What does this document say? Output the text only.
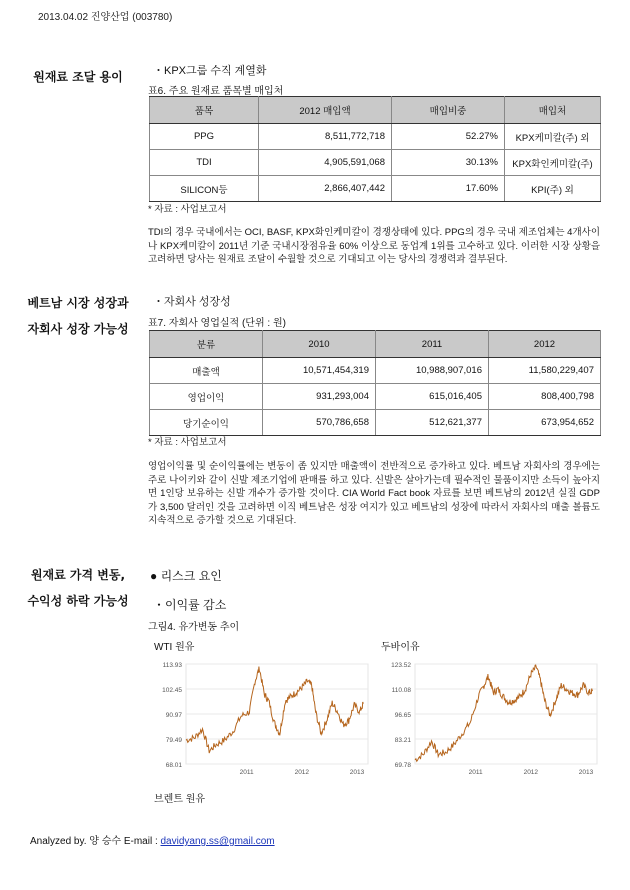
2013.04.02 진양산업 (003780)
원재료 조달 용이
베트남 시장 성장과
자회사 성장 가능성
원재료 가격 변동,
수익성 하락 가능성
・KPX그룹 수직 계열화
표6. 주요 원재료 품목별 매입처
품목	2012 매입액	매입비중	매입처
PPG	8,511,772,718	52.27%	KPX케미칼(주) 외
TDI	4,905,591,068	30.13%	KPX화인케미칼(주)
SILICON등	2,866,407,442	17.60%	KPI(주) 외
* 자료 : 사업보고서
TDI의 경우 국내에서는 OCI, BASF, KPX화인케미칼이 경쟁상태에 있다. PPG의 경우 국내 제조업체는 4개사이나 KPX케미칼이 2011년 기준 국내시장점유율 60% 이상으로 동업계 1위를 고수하고 있다. 이러한 시장 상황을 고려하면 당사는 원재료 조달이 수월할 것으로 기대되고 이는 당사의 경쟁력과 결부된다.
・자회사 성장성
표7. 자회사 영업실적 (단위 : 원)
분류	2010	2011	2012
매출액	10,571,454,319	10,988,907,016	11,580,229,407
영업이익	931,293,004	615,016,405	808,400,798
당기순이익	570,786,658	512,621,377	673,954,652
* 자료 : 사업보고서
영업이익률 및 순이익률에는 변동이 좀 있지만 매출액이 전반적으로 증가하고 있다. 베트남 자회사의 경우에는 주로 나이키와 같이 신발 제조기업에 판매를 하고 있다. 신발은 살아가는데 필수적인 물품이지만 소득이 높아지면 1인당 보유하는 신발 개수가 증가할 것이다. CIA World Fact book 자료를 보면 베트남의 2012년 실질 GDP가 3,500 달러인 것을 고려하면 이직 베트남은 성장 여지가 있고 베트남의 성장에 따라서 자회사의 매출 볼륨도 지속적으로 증가할 것으로 기대된다.
● 리스크 요인
・이익률 감소
그림4. 유가변동 추이
WTI 원유	두바이유
113.93
102.45
90.97
79.49
68.01
2011	2012	2013
123.52
110.08
96.65
83.21
69.78
2011	2012	2013
브렌트 원유
Analyzed by. 양 승수 E-mail : davidyang.ss@gmail.com
